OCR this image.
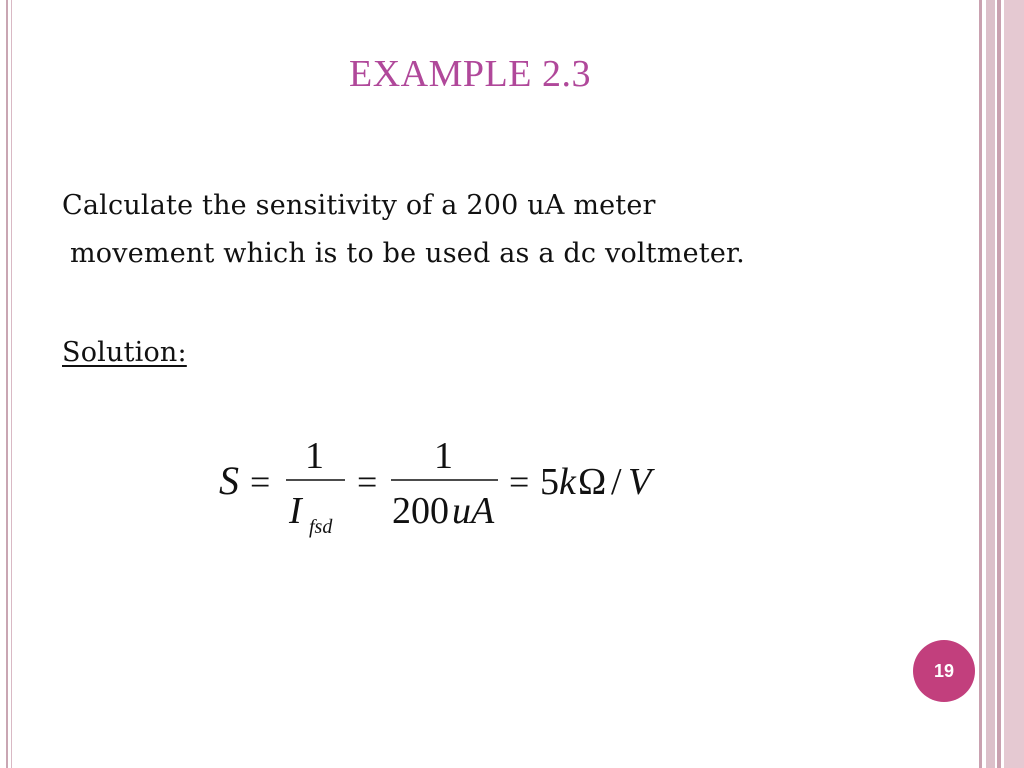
EXAMPLE 2.3
Calculate the sensitivity of a 200 uA meter
movement which is to be used as a dc voltmeter.
Solution:
S =
1
I fsd
=
1
200 uA
= 5 k Ω / V
19
